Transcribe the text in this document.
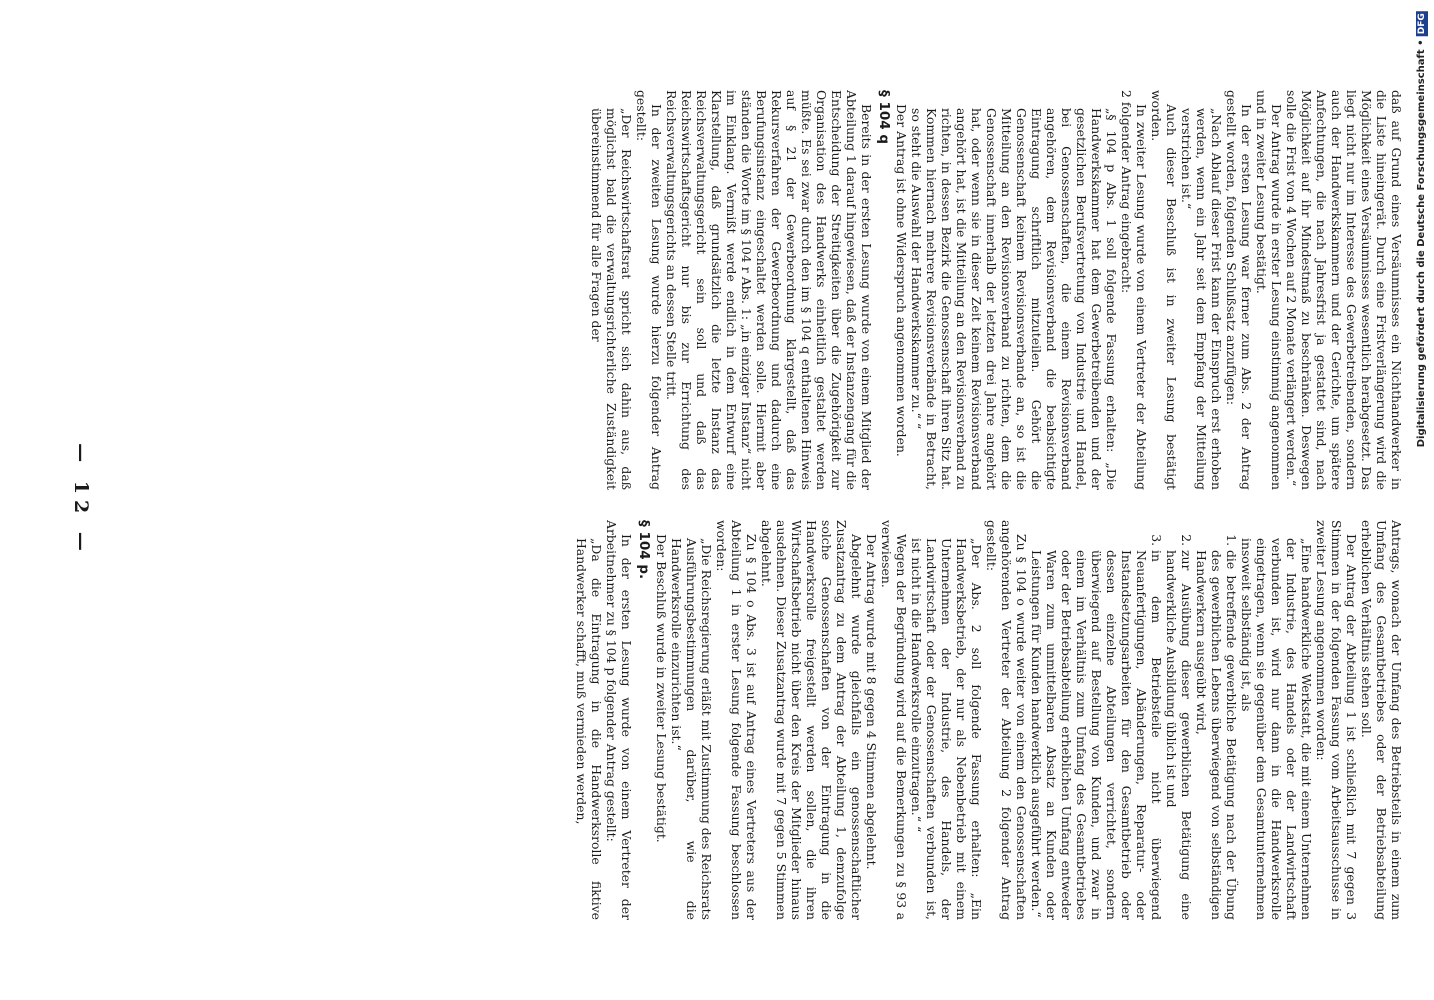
— 12 —

Antrags, wonach der Umfang des Betriebsteils in einem zum Umfang des Gesamtbetriebes oder der Betriebsabteilung erheblichen Verhältnis stehen soll.

Der Antrag der Abteilung 1 ist schließlich mit 7 gegen 3 Stimmen in der folgenden Fassung vom Arbeitsausschusse in zweiter Lesung angenommen worden:

„Eine handwerkliche Werkstatt, die mit einem Unternehmen der Industrie, des Handels oder der Landwirtschaft verbunden ist, wird nur dann in die Handwerksrolle eingetragen, wenn sie gegenüber dem Gesamtunternehmen insoweit selbständig ist, als

1. die betreffende gewerbliche Betätigung nach der Übung des gewerblichen Lebens überwiegend von selbständigen Handwerkern ausgeübt wird,
2. zur Ausübung dieser gewerblichen Betätigung eine handwerkliche Ausbildung üblich ist und
3. in dem Betriebsteile nicht überwiegend Neuanfertigungen, Abänderungen, Reparatur- oder Instandsetzungsarbeiten für den Gesamtbetrieb oder dessen einzelne Abteilungen verrichtet, sondern überwiegend auf Bestellung von Kunden, und zwar in einem im Verhältnis zum Umfang des Gesamtbetriebes oder der Betriebsabteilung erheblichen Umfang entweder Waren zum unmittelbaren Absatz an Kunden oder Leistungen für Kunden handwerklich ausgeführt werden.“

Zu § 104 o wurde weiter von einem den Genossenschaften angehörenden Vertreter der Abteilung 2 folgender Antrag gestellt:

„Der Abs. 2 soll folgende Fassung erhalten: „Ein Handwerksbetrieb, der nur als Nebenbetrieb mit einem Unternehmen der Industrie, des Handels, der Landwirtschaft oder der Genossenschaften verbunden ist, ist nicht in die Handwerksrolle einzutragen.“ “

Wegen der Begründung wird auf die Bemerkungen zu § 93 a verwiesen.

Der Antrag wurde mit 8 gegen 4 Stimmen abgelehnt.

Abgelehnt wurde gleichfalls ein genossenschaftlicher Zusatzantrag zu dem Antrag der Abteilung 1, demzufolge solche Genossenschaften von der Eintragung in die Handwerksrolle freigestellt werden sollen, die ihren Wirtschaftsbetrieb nicht über den Kreis der Mitglieder hinaus ausdehnen. Dieser Zusatzantrag wurde mit 7 gegen 5 Stimmen abgelehnt.

Zu § 104 o Abs. 3 ist auf Antrag eines Vertreters aus der Abteilung 1 in erster Lesung folgende Fassung beschlossen worden:

„Die Reichsregierung erläßt mit Zustimmung des Reichsrats Ausführungsbestimmungen darüber, wie die Handwerksrolle einzurichten ist.“

Der Beschluß wurde in zweiter Lesung bestätigt.

§ 104 p.

In der ersten Lesung wurde von einem Vertreter der Arbeitnehmer zu § 104 p folgender Antrag gestellt:

„Da die Eintragung in die Handwerksrolle fiktive Handwerker schafft, muß vermieden werden,

daß auf Grund eines Versäumnisses ein Nichthandwerker in die Liste hineingerät. Durch eine Fristverlängerung wird die Möglichkeit eines Versäumnisses wesentlich herabgesetzt. Das liegt nicht nur im Interesse des Gewerbetreibenden, sondern auch der Handwerkskammern und der Gerichte, um spätere Anfechtungen, die nach Jahresfrist ja gestattet sind, nach Möglichkeit auf ihr Mindestmaß zu beschränken. Deswegen solle die Frist von 4 Wochen auf 2 Monate verlängert werden.“

Der Antrag wurde in erster Lesung einstimmig angenommen und in zweiter Lesung bestätigt.

In der ersten Lesung war ferner zum Abs. 2 der Antrag gestellt worden, folgenden Schlußsatz anzufügen:

„Nach Ablauf dieser Frist kann der Einspruch erst erhoben werden, wenn ein Jahr seit dem Empfang der Mitteilung verstrichen ist.“

Auch dieser Beschluß ist in zweiter Lesung bestätigt worden.

In zweiter Lesung wurde von einem Vertreter der Abteilung 2 folgender Antrag eingebracht:

„§ 104 p Abs. 1 soll folgende Fassung erhalten: „Die Handwerkskammer hat dem Gewerbetreibenden und der gesetzlichen Berufsvertretung von Industrie und Handel, bei Genossenschaften, die einem Revisionsverband angehören, dem Revisionsverband die beabsichtigte Eintragung schriftlich mitzuteilen. Gehört die Genossenschaft keinem Revisionsverbande an, so ist die Mitteilung an den Revisionsverband zu richten, dem die Genossenschaft innerhalb der letzten drei Jahre angehört hat, oder wenn sie in dieser Zeit keinem Revisionsverband angehört hat, ist die Mitteilung an den Revisionsverband zu richten, in dessen Bezirk die Genossenschaft ihren Sitz hat. Kommen hiernach mehrere Revisionsverbände in Betracht, so steht die Auswahl der Handwerkskammer zu.“ “

Der Antrag ist ohne Widerspruch angenommen worden.

§ 104 q

Bereits in der ersten Lesung wurde von einem Mitglied der Abteilung 1 darauf hingewiesen, daß der Instanzengang für die Entscheidung der Streitigkeiten über die Zugehörigkeit zur Organisation des Handwerks einheitlich gestaltet werden müßte. Es sei zwar durch den im § 104 q enthaltenen Hinweis auf § 21 der Gewerbeordnung klargestellt, daß das Rekursverfahren der Gewerbeordnung und dadurch eine Berufungsinstanz eingeschaltet werden solle. Hiermit aber ständen die Worte im § 104 r Abs. 1: „in einziger Instanz“ nicht im Einklang. Vermißt werde endlich in dem Entwurf eine Klarstellung, daß grundsätzlich die letzte Instanz das Reichsverwaltungsgericht sein soll und daß das Reichswirtschaftsgericht nur bis zur Errichtung des Reichsverwaltungsgerichts an dessen Stelle tritt.

In der zweiten Lesung wurde hierzu folgender Antrag gestellt:

„Der Reichswirtschaftsrat spricht sich dahin aus, daß möglichst bald die verwaltungsrichterliche Zuständigkeit übereinstimmend für alle Fragen der	Digitalisierung gefördert durch die Deutsche Forschungsgemeinschaft • DFG
